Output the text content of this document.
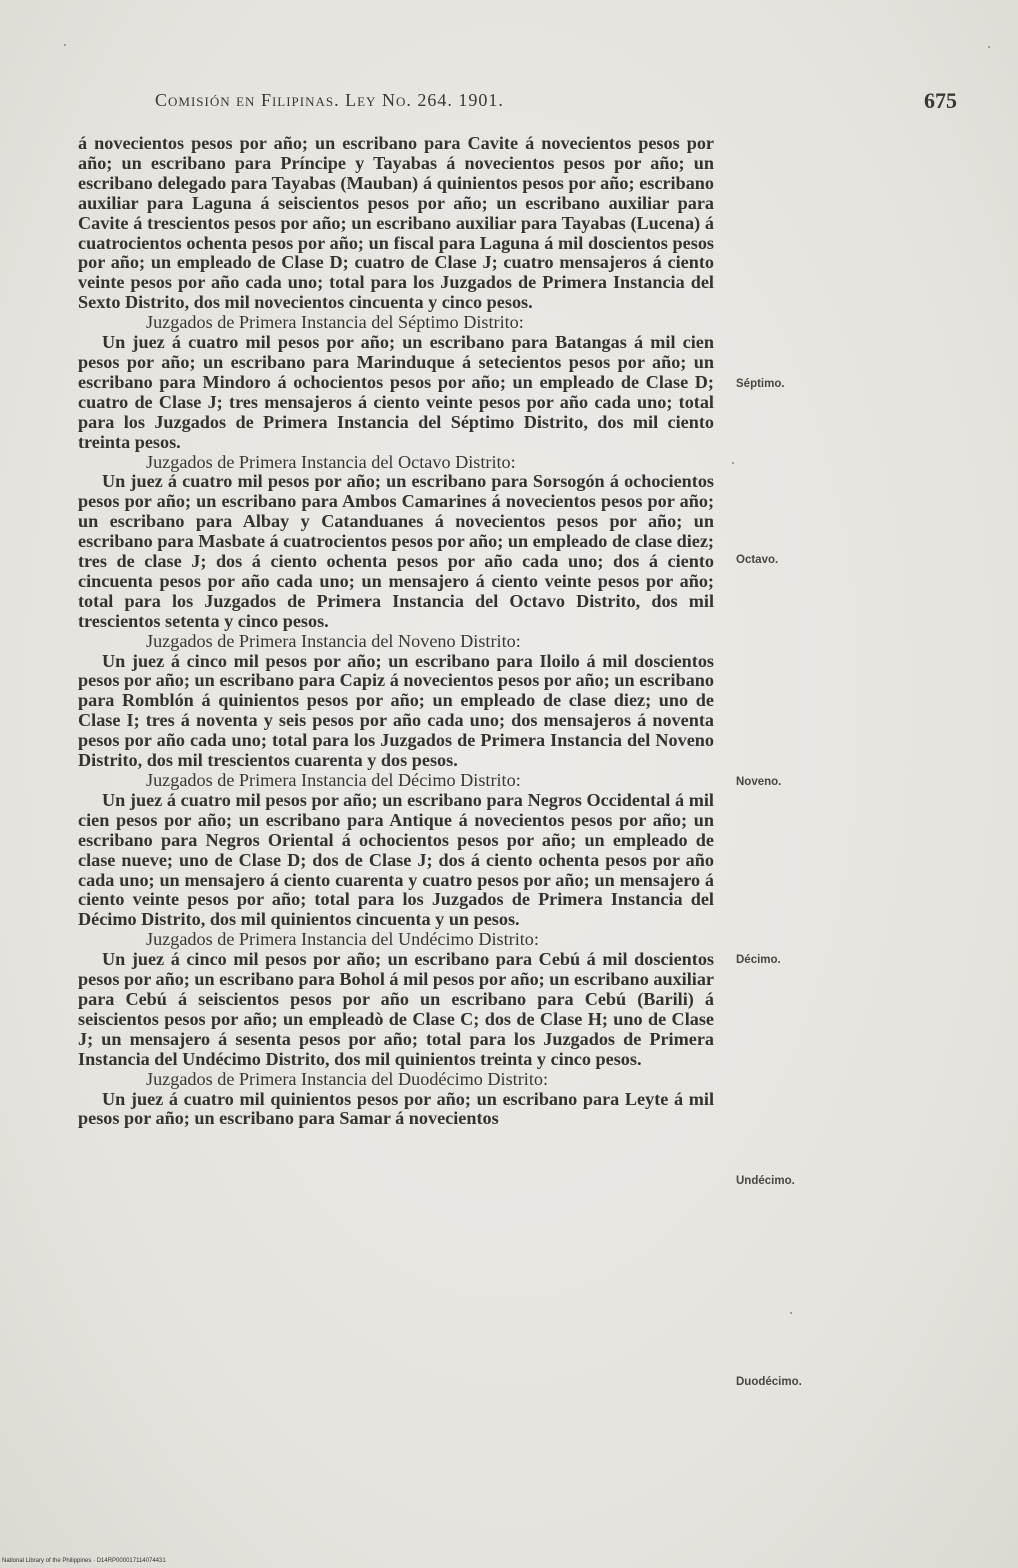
Comisión en Filipinas. Ley No. 264. 1901.	675

á novecientos pesos por año; un escribano para Cavite á novecientos pesos por año; un escribano para Príncipe y Tayabas á novecientos pesos por año; un escribano delegado para Tayabas (Mauban) á quinientos pesos por año; escribano auxiliar para Laguna á seiscientos pesos por año; un escribano auxiliar para Cavite á trescientos pesos por año; un escribano auxiliar para Tayabas (Lucena) á cuatrocientos ochenta pesos por año; un fiscal para Laguna á mil doscientos pesos por año; un empleado de Clase D; cuatro de Clase J; cuatro mensajeros á ciento veinte pesos por año cada uno; total para los Juzgados de Primera Instancia del Sexto Distrito, dos mil novecientos cincuenta y cinco pesos.

Juzgados de Primera Instancia del Séptimo Distrito:

Un juez á cuatro mil pesos por año; un escribano para Batangas á mil cien pesos por año; un escribano para Marinduque á setecientos pesos por año; un escribano para Mindoro á ochocientos pesos por año; un empleado de Clase D; cuatro de Clase J; tres mensajeros á ciento veinte pesos por año cada uno; total para los Juzgados de Primera Instancia del Séptimo Distrito, dos mil ciento treinta pesos.

Juzgados de Primera Instancia del Octavo Distrito:

Un juez á cuatro mil pesos por año; un escribano para Sorsogón á ochocientos pesos por año; un escribano para Ambos Camarines á novecientos pesos por año; un escribano para Albay y Catanduanes á novecientos pesos por año; un escribano para Masbate á cuatrocientos pesos por año; un empleado de clase diez; tres de clase J; dos á ciento ochenta pesos por año cada uno; dos á ciento cincuenta pesos por año cada uno; un mensajero á ciento veinte pesos por año; total para los Juzgados de Primera Instancia del Octavo Distrito, dos mil trescientos setenta y cinco pesos.

Juzgados de Primera Instancia del Noveno Distrito:

Un juez á cinco mil pesos por año; un escribano para Iloilo á mil doscientos pesos por año; un escribano para Capiz á novecientos pesos por año; un escribano para Romblón á quinientos pesos por año; un empleado de clase diez; uno de Clase I; tres á noventa y seis pesos por año cada uno; dos mensajeros á noventa pesos por año cada uno; total para los Juzgados de Primera Instancia del Noveno Distrito, dos mil trescientos cuarenta y dos pesos.

Juzgados de Primera Instancia del Décimo Distrito:

Un juez á cuatro mil pesos por año; un escribano para Negros Occidental á mil cien pesos por año; un escribano para Antique á novecientos pesos por año; un escribano para Negros Oriental á ochocientos pesos por año; un empleado de clase nueve; uno de Clase D; dos de Clase J; dos á ciento ochenta pesos por año cada uno; un mensajero á ciento cuarenta y cuatro pesos por año; un mensajero á ciento veinte pesos por año; total para los Juzgados de Primera Instancia del Décimo Distrito, dos mil quinientos cincuenta y un pesos.

Juzgados de Primera Instancia del Undécimo Distrito:

Un juez á cinco mil pesos por año; un escribano para Cebú á mil doscientos pesos por año; un escribano para Bohol á mil pesos por año; un escribano auxiliar para Cebú á seiscientos pesos por año un escribano para Cebú (Barili) á seiscientos pesos por año; un empleadò de Clase C; dos de Clase H; uno de Clase J; un mensajero á sesenta pesos por año; total para los Juzgados de Primera Instancia del Undécimo Distrito, dos mil quinientos treinta y cinco pesos.

Juzgados de Primera Instancia del Duodécimo Distrito:

Un juez á cuatro mil quinientos pesos por año; un escribano para Leyte á mil pesos por año; un escribano para Samar á novecientos

Séptimo.
Octavo.
Noveno.
Décimo.
Undécimo.
Duodécimo.
National Library of the Philippines · D14RP000017114074431
